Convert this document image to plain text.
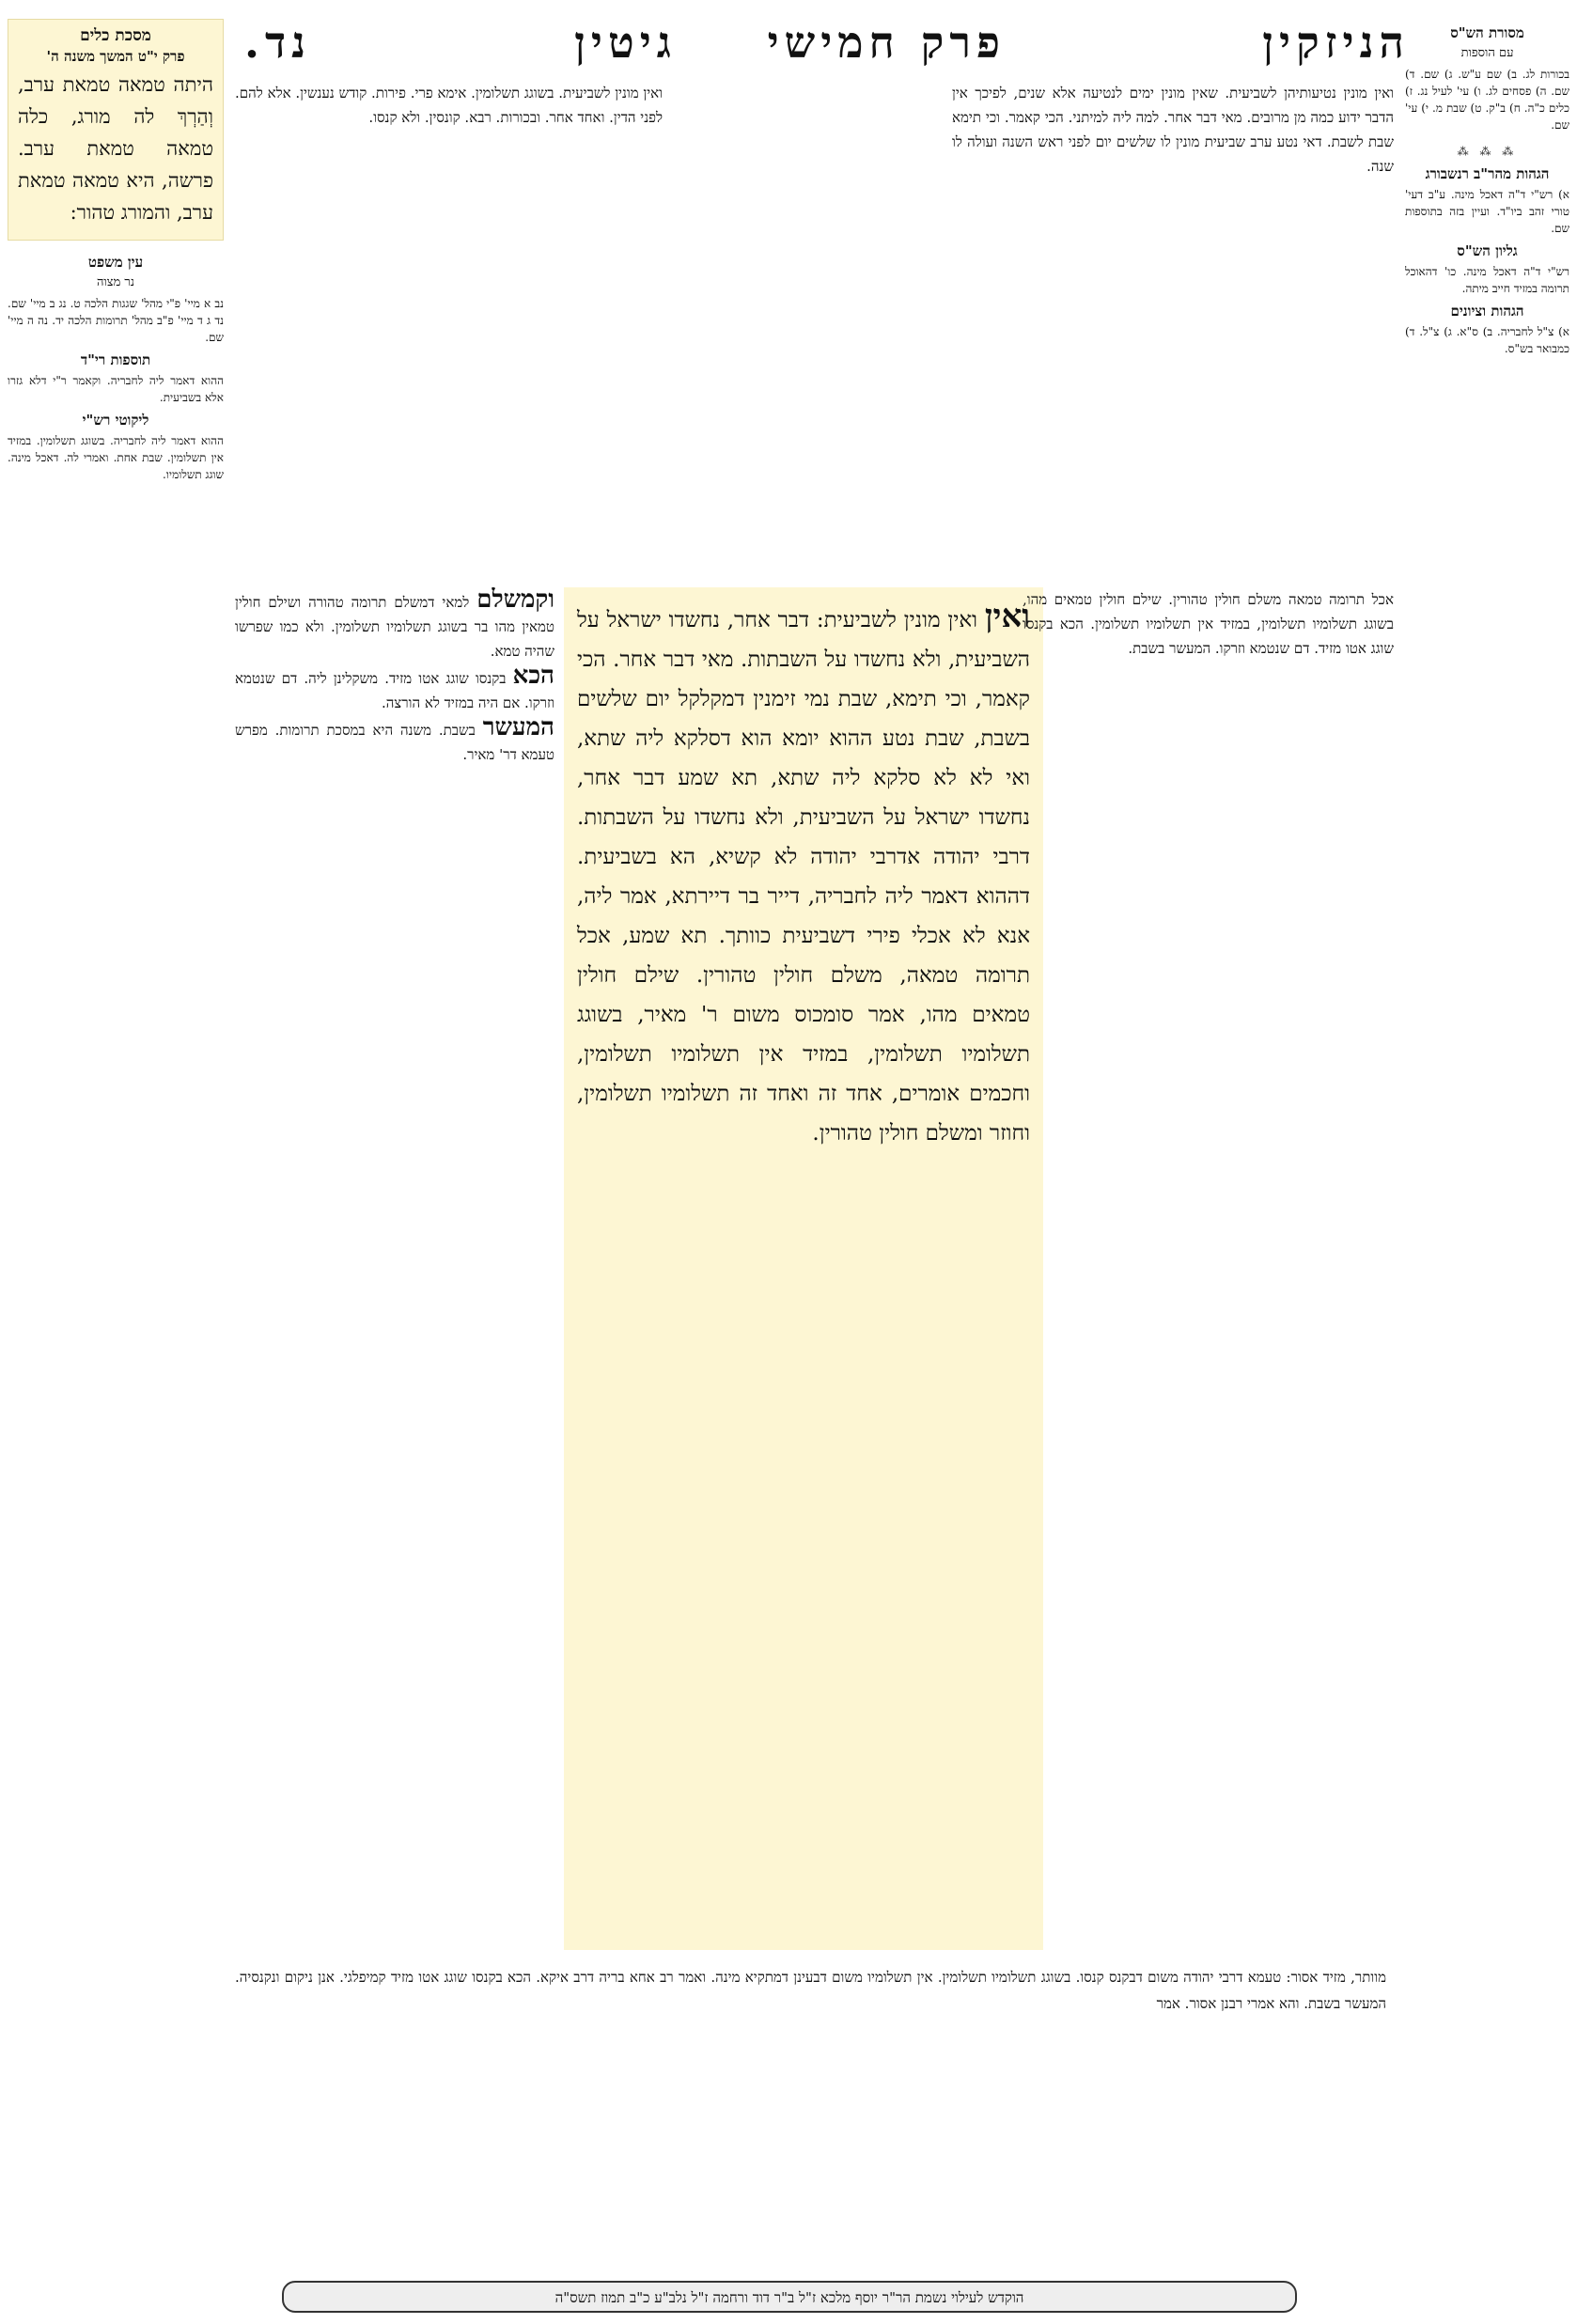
הניזקין
פרק חמישי
גיטין
נד.	מסורת הש"ס
עם הוספות
בכורות לג. ב) שם ע"ש. ג) שם. ד) שם. ה) פסחים לג. ו) עי' לעיל נג. ז) כלים כ"ה. ח) ב"ק. ט) שבת מ. י) עי' שם.
⁂ ⁂ ⁂
הגהות מהר"ב רנשבורג
א) רש"י ד"ה דאכל מינה. ע"ב דעי' טורי זהב ביו"ד. ועיין בזה בתוספות שם.
גליון הש"ס
רש"י ד"ה דאכל מינה. כו' דהאוכל תרומה במזיד חייב מיתה.
הגהות וציונים
א) צ"ל לחבריה. ב) ס"א. ג) צ"ל. ד) כמבואר בש"ס.
מסכת כלים
פרק י"ט המשך משנה ה'
היתה טמאה טמאת ערב, וְהַרְךְ לה מורג, כלה טמאה טמאת ערב. פרשה, היא טמאה טמאת ערב, והמורג טהור:
עין משפט
נר מצוה
נב א מיי' פ"י מהל' שגגות הלכה ט. נג ב מיי' שם. נד ג ד מיי' פ"ב מהל' תרומות הלכה יד. נה ה מיי' שם.
תוספות רי"ד
ההוא דאמר ליה לחבריה. וקאמר ר"י דלא גזרו אלא בשביעית.
ליקוטי רש"י
ההוא דאמר ליה לחבריה. בשוגג תשלומין. במזיד אין תשלומין. שבת אחת. ואמרי לה. דאכל מינה. שוגג תשלומיו.
ואין מונין נטיעותיהן לשביעית. שאין מונין ימים לנטיעה אלא שנים, לפיכך אין הדבר ידוע כמה מן מרובים. מאי דבר אחר. למה ליה למיתני. הכי קאמר. וכי תימא שבת לשבת. דאי נטע ערב שביעית מונין לו שלשים יום לפני ראש השנה ועולה לו שנה.
ואין מונין לשביעית. בשוגג תשלומין. אימא פרי. פירות. קודש נענשין. אלא להם. לפני הדין. ואחד אחר. ובכורות. רבא. קונסין. ולא קנסו.
ואין ואין מונין לשביעית: דבר אחר, נחשדו ישראל על השביעית, ולא נחשדו על השבתות. מאי דבר אחר. הכי קאמר, וכי תימא, שבת נמי זימנין דמקלקל יום שלשים בשבת, שבת נטע ההוא יומא הוא דסלקא ליה שתא, ואי לא לא סלקא ליה שתא, תא שמע דבר אחר, נחשדו ישראל על השביעית, ולא נחשדו על השבתות. דרבי יהודה אדרבי יהודה לא קשיא, הא בשביעית. דההוא דאמר ליה לחבריה, דייר בר דיירתא, אמר ליה, אנא לא אכלי פירי דשביעית כוותך. תא שמע, אכל תרומה טמאה, משלם חולין טהורין. שילם חולין טמאים מהו, אמר סומכוס משום ר' מאיר, בשוגג תשלומיו תשלומין, במזיד אין תשלומיו תשלומין, וחכמים אומרים, אחד זה ואחד זה תשלומיו תשלומין, וחוזר ומשלם חולין טהורין.
אכל תרומה טמאה משלם חולין טהורין. שילם חולין טמאים מהו, בשוגג תשלומיו תשלומין, במזיד אין תשלומיו תשלומין. הכא בקנסו שוגג אטו מזיד. דם שנטמא וזרקו. המעשר בשבת.
וקמשלם למאי דמשלם תרומה טהורה ושילם חולין טמאין מהו בר בשוגג תשלומיו תשלומין. ולא כמו שפרשו שהיה טמא.
הכא בקנסו שוגג אטו מזיד. משקלינן ליה. דם שנטמא וזרקו. אם היה במזיד לא הורצה.
המעשר בשבת. משנה היא במסכת תרומות. מפרש טעמא דר' מאיר.
מוותר, מזיד אסור: טעמא דרבי יהודה משום דבקנס קנסו. בשוגג תשלומיו תשלומין. אין תשלומיו משום דבעינן דמתקיא מינה. ואמר רב אחא בריה דרב איקא. הכא בקנסו שוגג אטו מזיד קמיפלגי. אנן ניקום ונקנסיה. המעשר בשבת. והא אמרי רבנן אסור. אמר
הוקדש לעילוי נשמת הר"ר יוסף מלכא ז"ל ב"ר דוד ורחמה ז"ל נלב"ע כ"ב תמוז תשס"ה
